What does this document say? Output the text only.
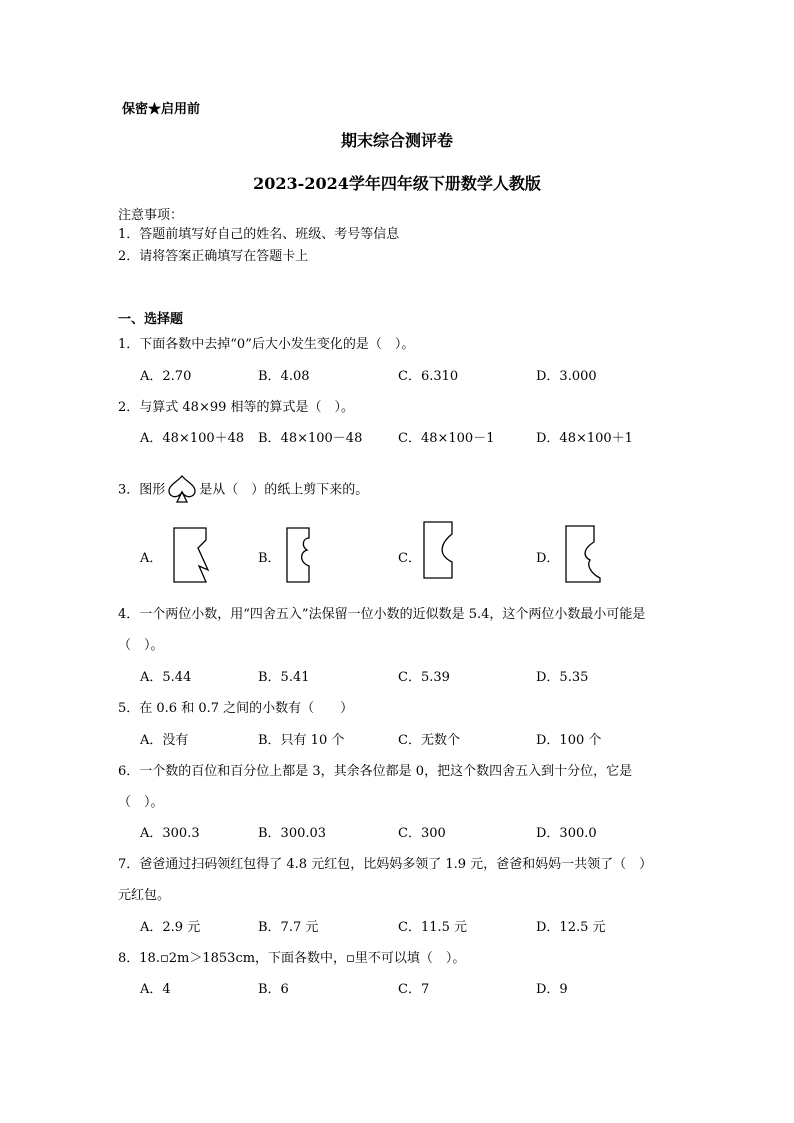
保密★启用前
期末综合测评卷
2023-2024学年四年级下册数学人教版
注意事项：
1．答题前填写好自己的姓名、班级、考号等信息
2．请将答案正确填写在答题卡上
一、选择题
1．下面各数中去掉“0”后大小发生变化的是（　）。
A．2.70	B．4.08	C．6.310	D．3.000
2．与算式 48×99 相等的算式是（　）。
A．48×100＋48 B．48×100－48	C．48×100－1	D．48×100＋1
3．图形	是从（　）的纸上剪下来的。
A．	B．	C．	D．
4．一个两位小数，用“四舍五入”法保留一位小数的近似数是 5.4，这个两位小数最小可能是
（　）。
A．5.44	B．5.41	C．5.39	D．5.35
5．在 0.6 和 0.7 之间的小数有（　　）
A．没有	B．只有 10 个	C．无数个	D．100 个
6．一个数的百位和百分位上都是 3，其余各位都是 0，把这个数四舍五入到十分位，它是
（　）。
A．300.3	B．300.03	C．300	D．300.0
7．爸爸通过扫码领红包得了 4.8 元红包，比妈妈多领了 1.9 元，爸爸和妈妈一共领了（　）
元红包。
A．2.9 元	B．7.7 元	C．11.5 元	D．12.5 元
8．18.▫2m＞1853cm，下面各数中，▫里不可以填（　）。
A．4	B．6	C．7	D．9
